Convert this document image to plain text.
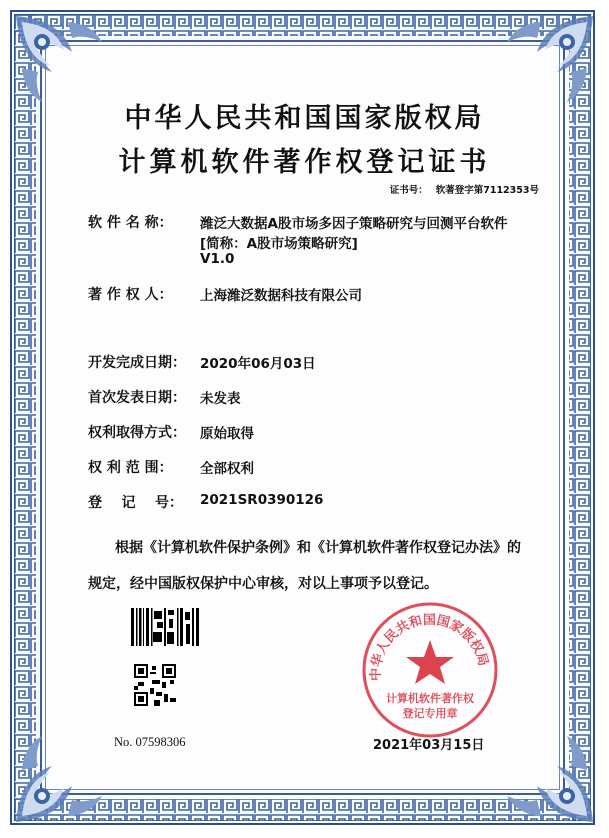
中华人民共和国国家版权局
计算机软件著作权登记证书
证书号： 软著登字第7112353号
软 件 名 称： 潍泛大数据A股市场多因子策略研究与回测平台软件
[简称：A股市场策略研究]
V1.0
著 作 权 人： 上海潍泛数据科技有限公司
开发完成日期： 2020年06月03日
首次发表日期： 未发表
权利取得方式： 原始取得
权 利 范 围： 全部权利
登    记    号： 2021SR0390126
根据《计算机软件保护条例》和《计算机软件著作权登记办法》的
规定，经中国版权保护中心审核，对以上事项予以登记。
No. 07598306
中华人民共和国国家版权局
计算机软件著作权
登记专用章
2021年03月15日
